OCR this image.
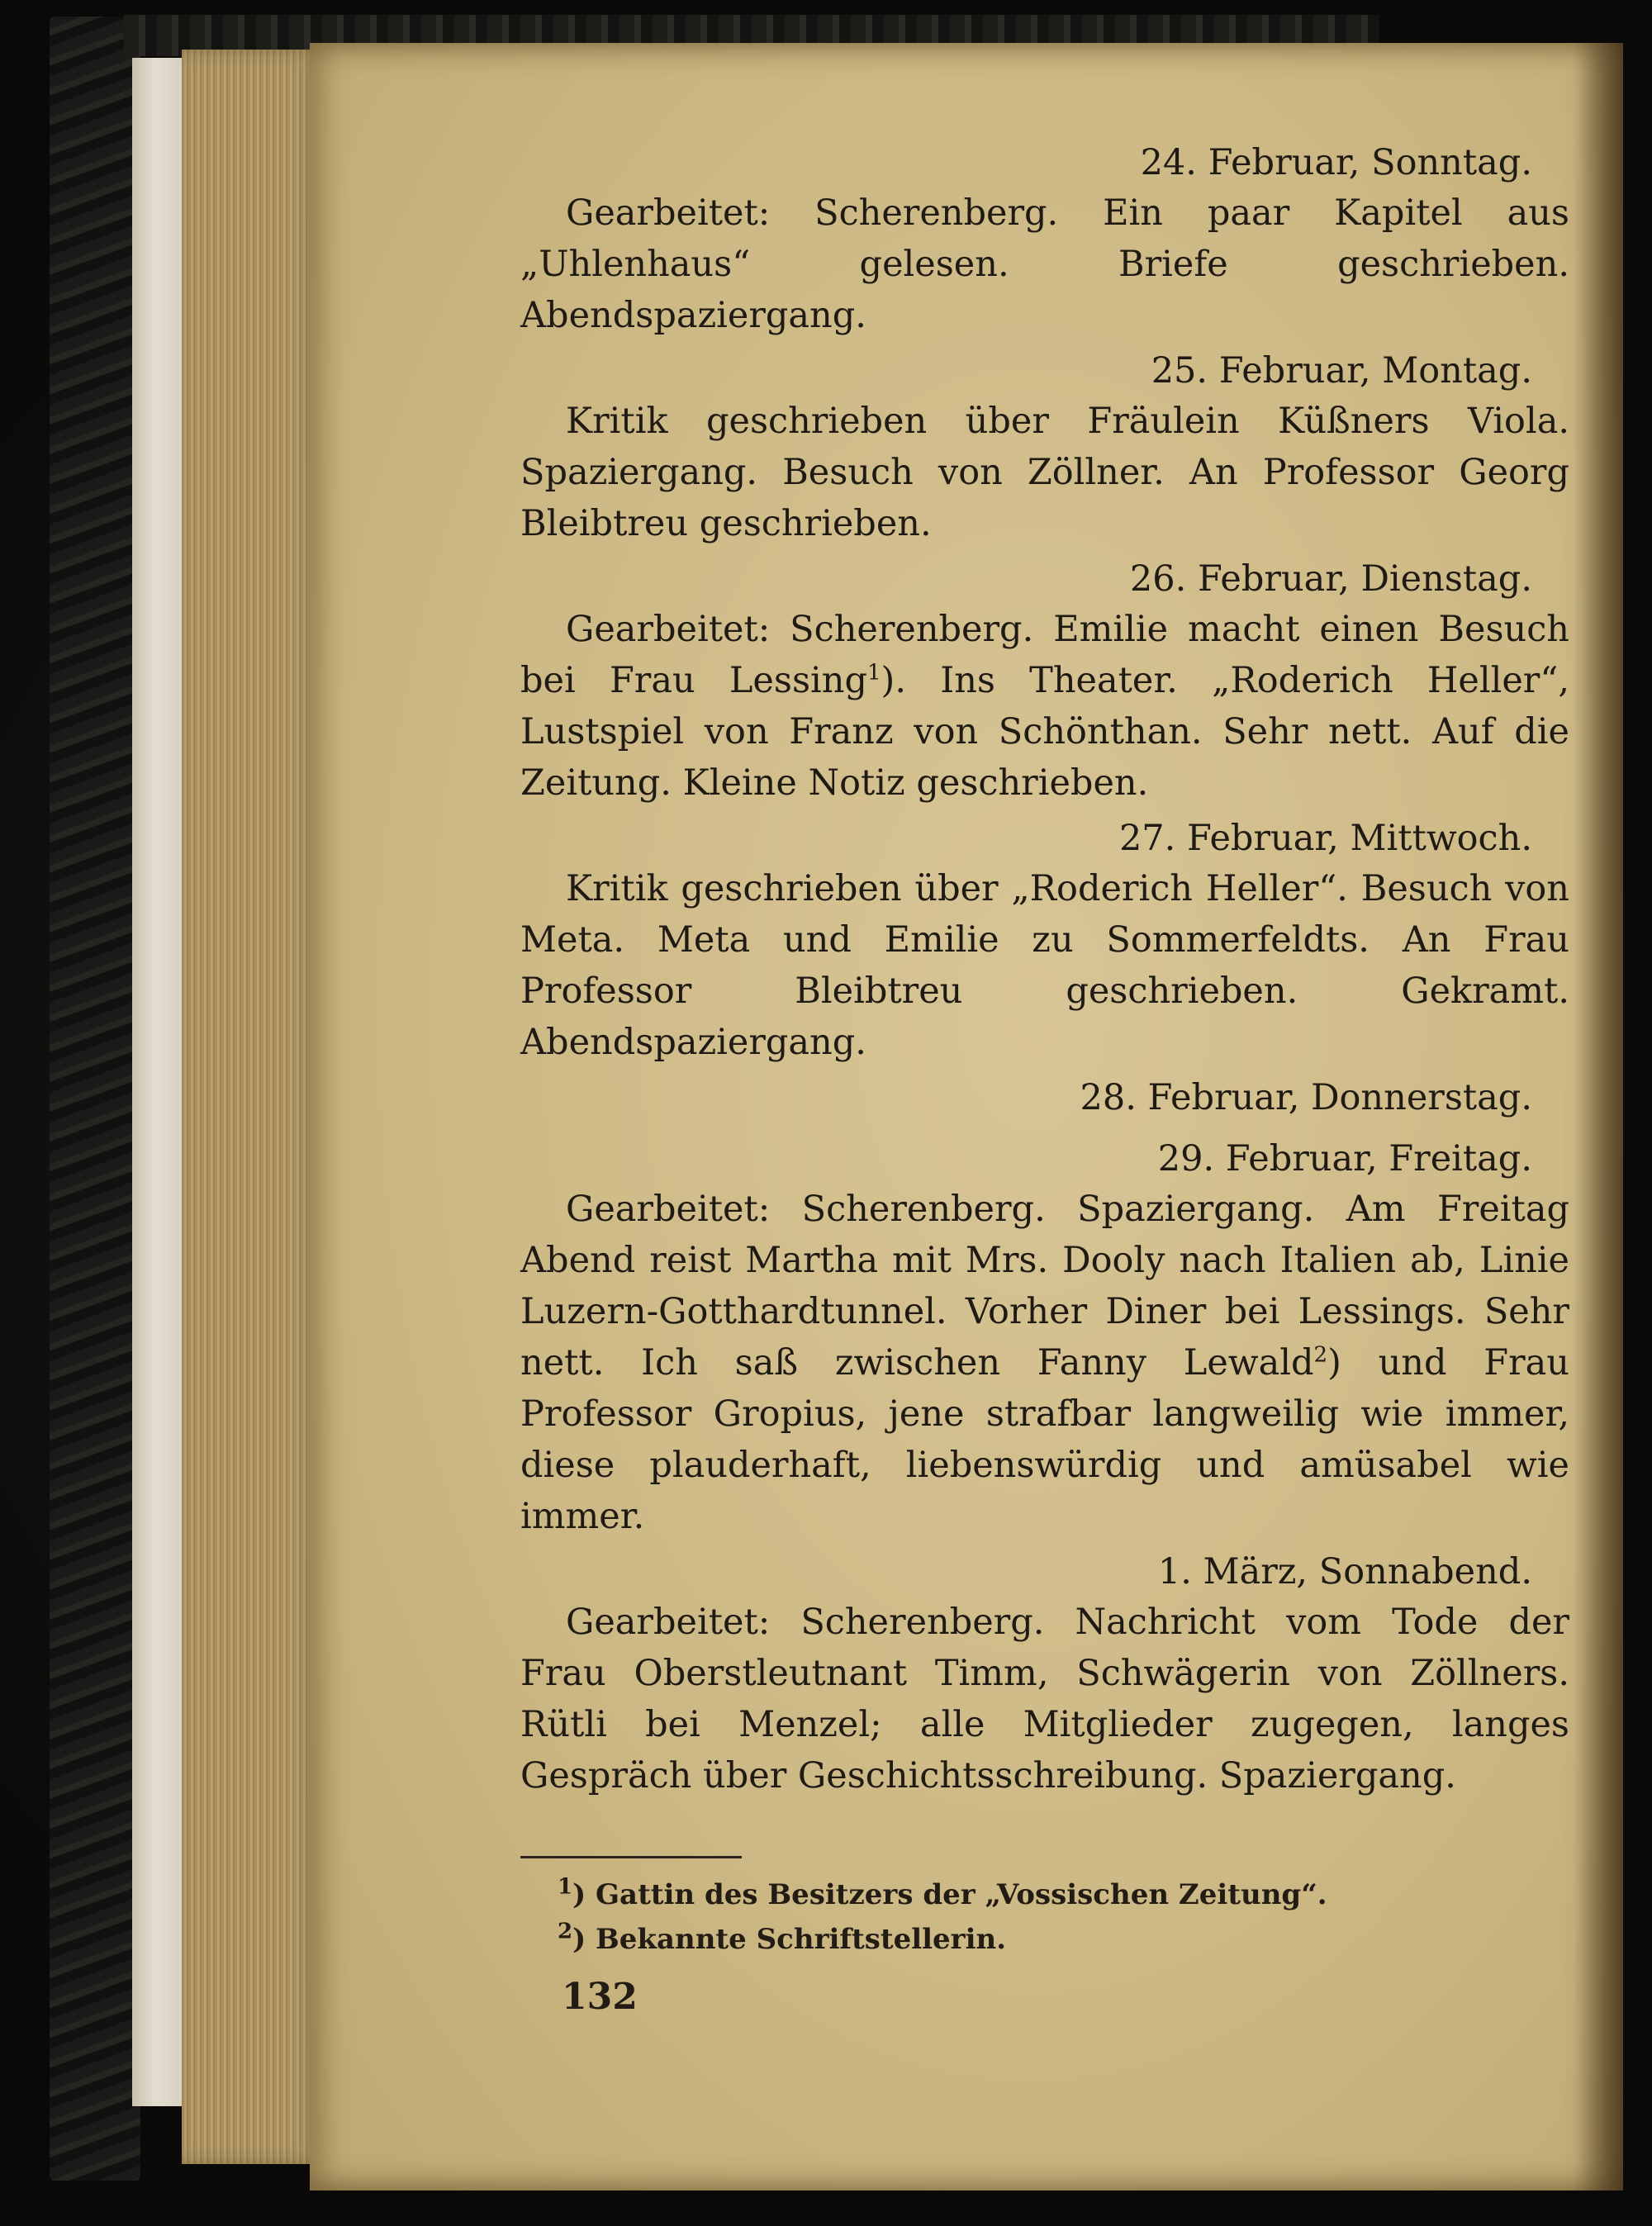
24. Februar, Sonntag.

Gearbeitet: Scherenberg. Ein paar Kapitel aus „Uhlenhaus“ gelesen. Briefe geschrieben. Abendspaziergang.

25. Februar, Montag.

Kritik geschrieben über Fräulein Küßners Viola. Spaziergang. Besuch von Zöllner. An Professor Georg Bleibtreu geschrieben.

26. Februar, Dienstag.

Gearbeitet: Scherenberg. Emilie macht einen Besuch bei Frau Lessing$^1$). Ins Theater. „Roderich Heller“, Lustspiel von Franz von Schönthan. Sehr nett. Auf die Zeitung. Kleine Notiz geschrieben.

27. Februar, Mittwoch.

Kritik geschrieben über „Roderich Heller“. Besuch von Meta. Meta und Emilie zu Sommerfeldts. An Frau Professor Bleibtreu geschrieben. Gekramt. Abendspaziergang.

28. Februar, Donnerstag.

29. Februar, Freitag.

Gearbeitet: Scherenberg. Spaziergang. Am Freitag Abend reist Martha mit Mrs. Dooly nach Italien ab, Linie Luzern-Gotthardtunnel. Vorher Diner bei Lessings. Sehr nett. Ich saß zwischen Fanny Lewald$^2$) und Frau Professor Gropius, jene strafbar langweilig wie immer, diese plauderhaft, liebenswürdig und amüsabel wie immer.

1. März, Sonnabend.

Gearbeitet: Scherenberg. Nachricht vom Tode der Frau Oberstleutnant Timm, Schwägerin von Zöllners. Rütli bei Menzel; alle Mitglieder zugegen, langes Gespräch über Geschichtsschreibung. Spaziergang.

$^1$) Gattin des Besitzers der „Vossischen Zeitung“.

$^2$) Bekannte Schriftstellerin.

132
